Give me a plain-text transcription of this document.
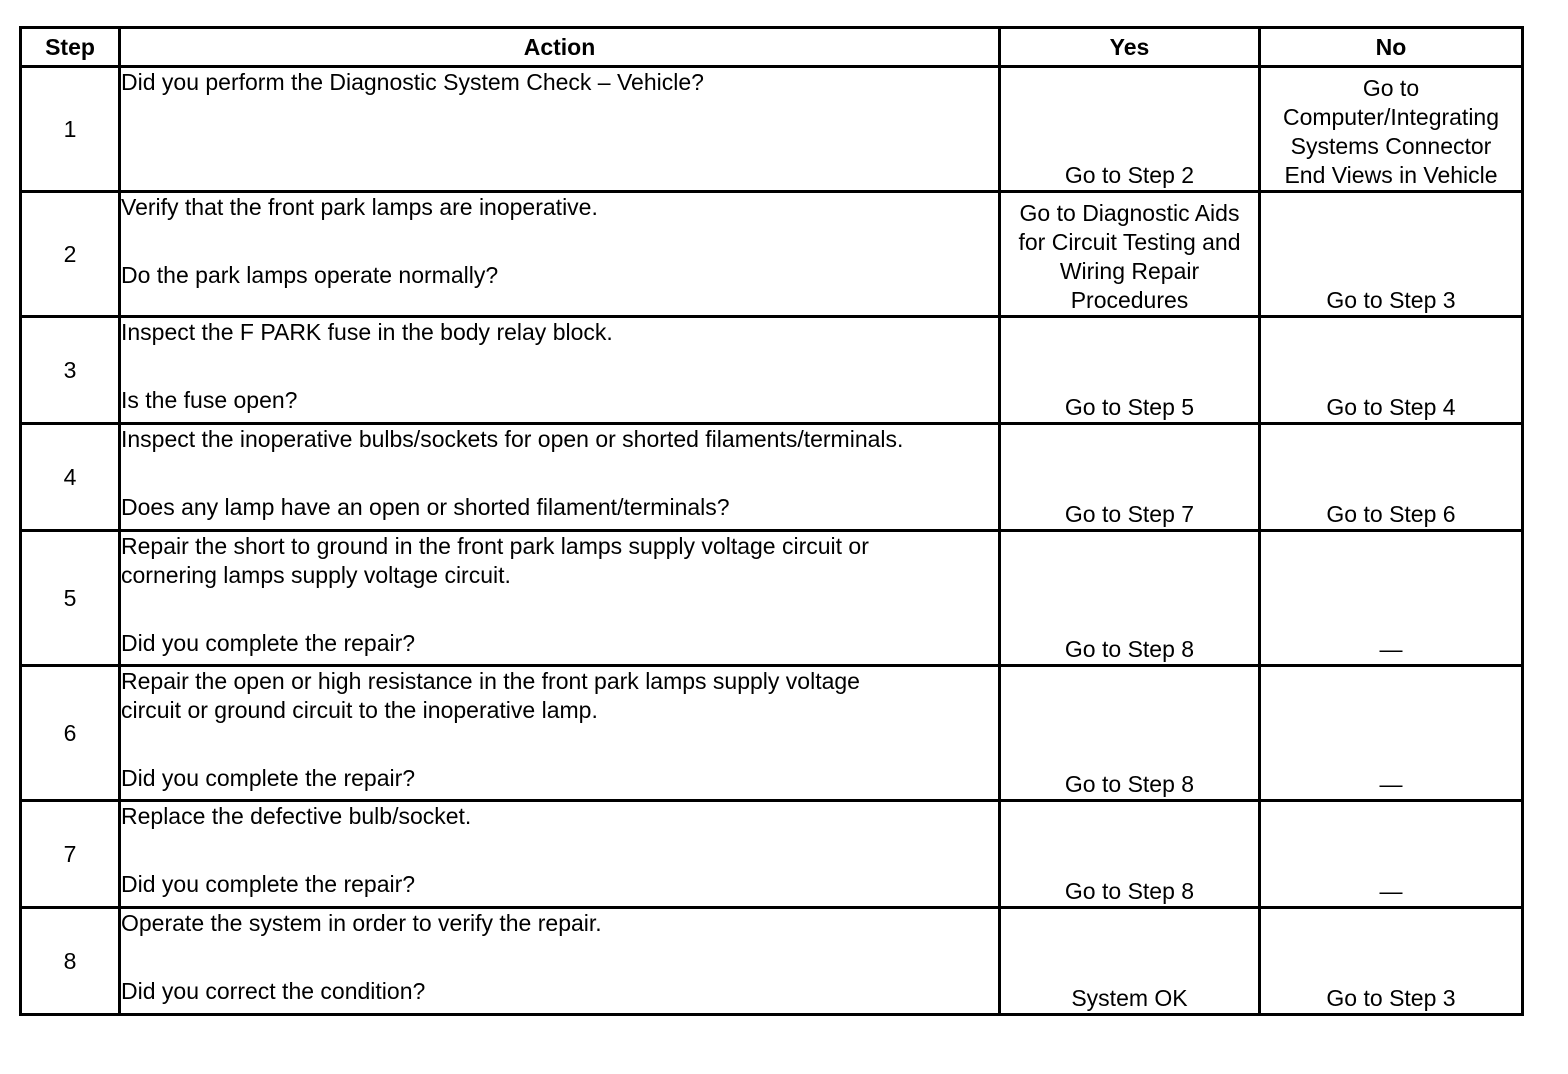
Step	Action	Yes	No
1	Did you perform the Diagnostic System Check – Vehicle?	Go to Step 2	Go to
Computer/Integrating
Systems Connector
End Views in Vehicle

2	Verify that the front park lamps are inoperative.
Do the park lamps operate normally?	Go to Diagnostic Aids
for Circuit Testing and
Wiring Repair
Procedures	Go to Step 3
3	Inspect the F PARK fuse in the body relay block.
Is the fuse open?	Go to Step 5	Go to Step 4
4	Inspect the inoperative bulbs/sockets for open or shorted filaments/terminals.
Does any lamp have an open or shorted filament/terminals?	Go to Step 7	Go to Step 6
5	Repair the short to ground in the front park lamps supply voltage circuit or
cornering lamps supply voltage circuit.
Did you complete the repair?	Go to Step 8	—
6	Repair the open or high resistance in the front park lamps supply voltage
circuit or ground circuit to the inoperative lamp.
Did you complete the repair?	Go to Step 8	—
7	Replace the defective bulb/socket.
Did you complete the repair?	Go to Step 8	—
8	Operate the system in order to verify the repair.
Did you correct the condition?	System OK	Go to Step 3
